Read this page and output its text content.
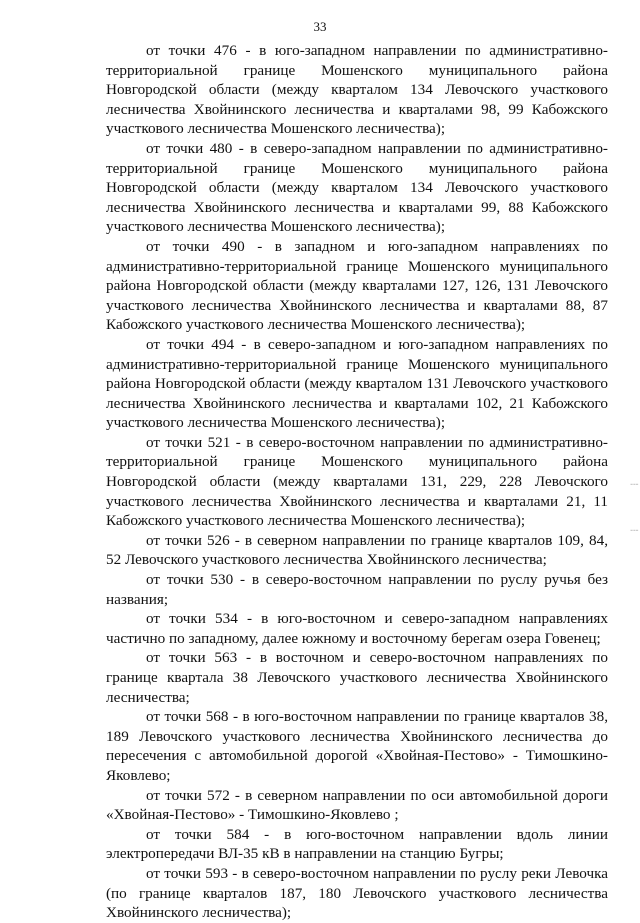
33

от точки 476 - в юго-западном направлении по административно-территориальной границе Мошенского муниципального района Новгородской области (между кварталом 134 Левочского участкового лесничества Хвойнинского лесничества и кварталами 98, 99 Кабожского участкового лесничества Мошенского лесничества);

от точки 480 - в северо-западном направлении по административно-территориальной границе Мошенского муниципального района Новгородской области (между кварталом 134 Левочского участкового лесничества Хвойнинского лесничества и кварталами 99, 88 Кабожского участкового лесничества Мошенского лесничества);

от точки 490 - в западном и юго-западном направлениях по административно-территориальной границе Мошенского муниципального района Новгородской области (между кварталами 127, 126, 131 Левочского участкового лесничества Хвойнинского лесничества и кварталами 88, 87 Кабожского участкового лесничества Мошенского лесничества);

от точки 494 - в северо-западном и юго-западном направлениях по административно-территориальной границе Мошенского муниципального района Новгородской области (между кварталом 131 Левочского участкового лесничества Хвойнинского лесничества и кварталами 102, 21 Кабожского участкового лесничества Мошенского лесничества);

от точки 521 - в северо-восточном направлении по административно-территориальной границе Мошенского муниципального района Новгородской области (между кварталами 131, 229, 228 Левочского участкового лесничества Хвойнинского лесничества и кварталами 21, 11 Кабожского участкового лесничества Мошенского лесничества);

от точки 526 - в северном направлении по границе кварталов 109, 84, 52 Левочского участкового лесничества Хвойнинского лесничества;

от точки 530 - в северо-восточном направлении по руслу ручья без названия;

от точки 534 - в юго-восточном и северо-западном направлениях частично по западному, далее южному и восточному берегам озера Говенец;

от точки 563 - в восточном и северо-восточном направлениях по границе квартала 38 Левочского участкового лесничества Хвойнинского лесничества;

от точки 568 - в юго-восточном направлении по границе кварталов 38, 189 Левочского участкового лесничества Хвойнинского лесничества до пересечения с автомобильной дорогой «Хвойная-Пестово» - Тимошкино-Яковлево;

от точки 572 - в северном направлении по оси автомобильной дороги «Хвойная-Пестово» - Тимошкино-Яковлево ;

от точки 584 - в юго-восточном направлении вдоль линии электропередачи ВЛ-35 кВ в направлении на станцию Бугры;

от точки 593 - в северо-восточном направлении по руслу реки Левочка (по границе кварталов 187, 180 Левочского участкового лесничества Хвойнинского лесничества);

┆
┆
